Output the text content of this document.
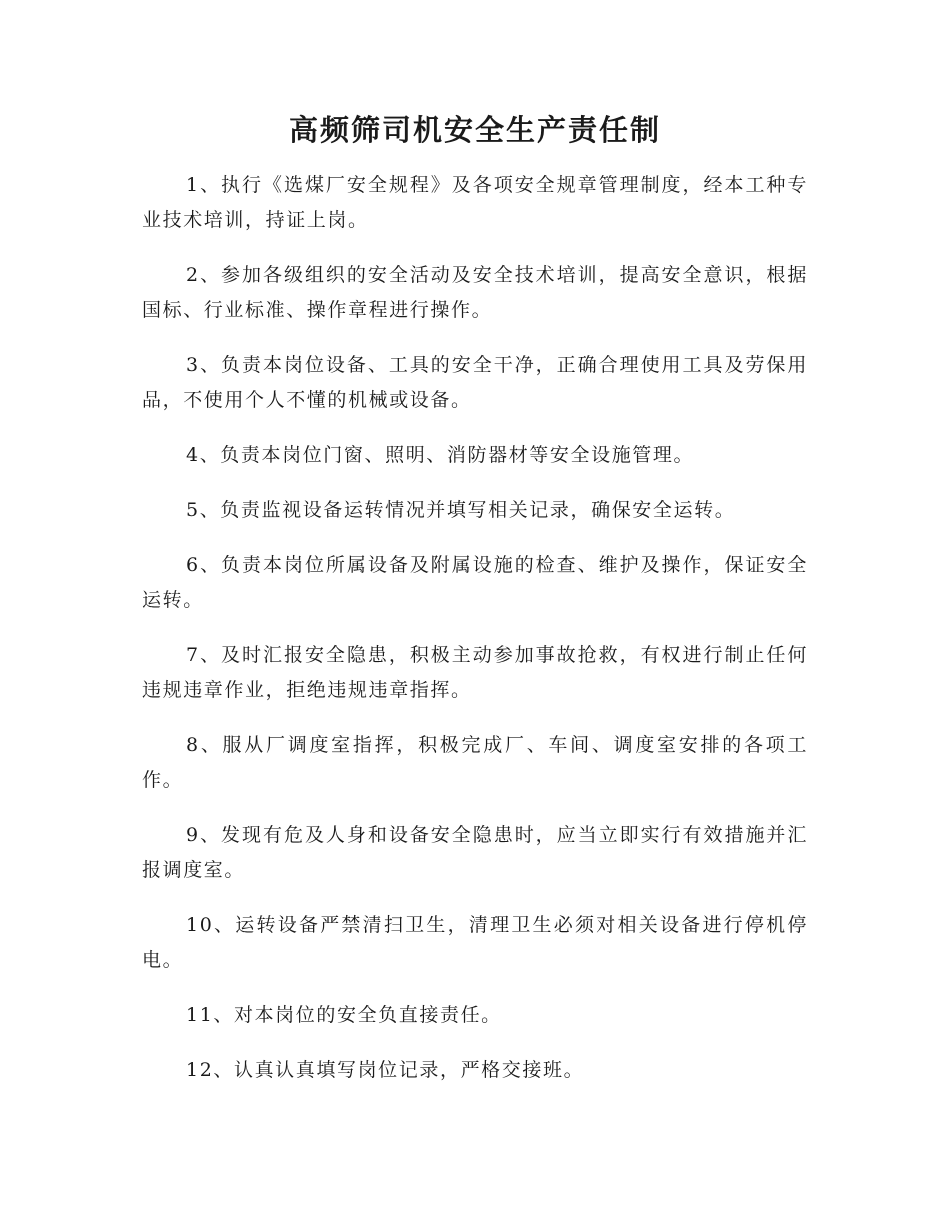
高频筛司机安全生产责任制

1、执行《选煤厂安全规程》及各项安全规章管理制度，经本工种专业技术培训，持证上岗。

2、参加各级组织的安全活动及安全技术培训，提高安全意识，根据国标、行业标准、操作章程进行操作。

3、负责本岗位设备、工具的安全干净，正确合理使用工具及劳保用品，不使用个人不懂的机械或设备。

4、负责本岗位门窗、照明、消防器材等安全设施管理。

5、负责监视设备运转情况并填写相关记录，确保安全运转。

6、负责本岗位所属设备及附属设施的检查、维护及操作，保证安全运转。

7、及时汇报安全隐患，积极主动参加事故抢救，有权进行制止任何违规违章作业，拒绝违规违章指挥。

8、服从厂调度室指挥，积极完成厂、车间、调度室安排的各项工作。

9、发现有危及人身和设备安全隐患时，应当立即实行有效措施并汇报调度室。

10、运转设备严禁清扫卫生，清理卫生必须对相关设备进行停机停电。

11、对本岗位的安全负直接责任。

12、认真认真填写岗位记录，严格交接班。
